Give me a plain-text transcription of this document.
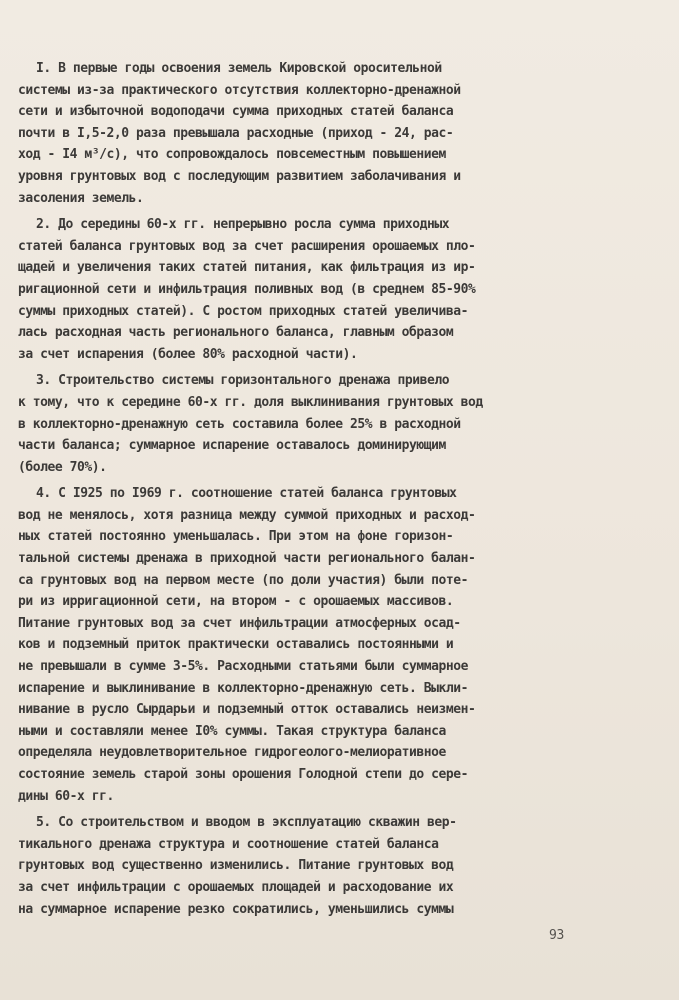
I. В первые годы освоения земель Кировской оросительной
системы из-за практического отсутствия коллекторно-дренажной
сети и избыточной водоподачи сумма приходных статей баланса
почти в I,5-2,0 раза превышала расходные (приход - 24, рас-
ход - I4 м³/с), что сопровождалось повсеместным повышением
уровня грунтовых вод с последующим развитием заболачивания и
засоления земель.

2. До середины 60-х гг. непрерывно росла сумма приходных
статей баланса грунтовых вод за счет расширения орошаемых пло-
щадей и увеличения таких статей питания, как фильтрация из ир-
ригационной сети и инфильтрация поливных вод (в среднем 85-90%
суммы приходных статей). С ростом приходных статей увеличива-
лась расходная часть регионального баланса, главным образом
за счет испарения (более 80% расходной части).

3. Строительство системы горизонтального дренажа привело
к тому, что к середине 60-х гг. доля выклинивания грунтовых вод
в коллекторно-дренажную сеть составила более 25% в расходной
части баланса; суммарное испарение оставалось доминирующим
(более 70%).

4. С I925 по I969 г. соотношение статей баланса грунтовых
вод не менялось, хотя разница между суммой приходных и расход-
ных статей постоянно уменьшалась. При этом на фоне горизон-
тальной системы дренажа в приходной части регионального балан-
са грунтовых вод на первом месте (по доли участия) были поте-
ри из ирригационной сети, на втором - с орошаемых массивов.
Питание грунтовых вод за счет инфильтрации атмосферных осад-
ков и подземный приток практически оставались постоянными и
не превышали в сумме 3-5%. Расходными статьями были суммарное
испарение и выклинивание в коллекторно-дренажную сеть. Выкли-
нивание в русло Сырдарьи и подземный отток оставались неизмен-
ными и составляли менее I0% суммы. Такая структура баланса
определяла неудовлетворительное гидрогеолого-мелиоративное
состояние земель старой зоны орошения Голодной степи до сере-
дины 60-х гг.

5. Со строительством и вводом в эксплуатацию скважин вер-
тикального дренажа структура и соотношение статей баланса
грунтовых вод существенно изменились. Питание грунтовых вод
за счет инфильтрации с орошаемых площадей и расходование их
на суммарное испарение резко сократились, уменьшились суммы

93
